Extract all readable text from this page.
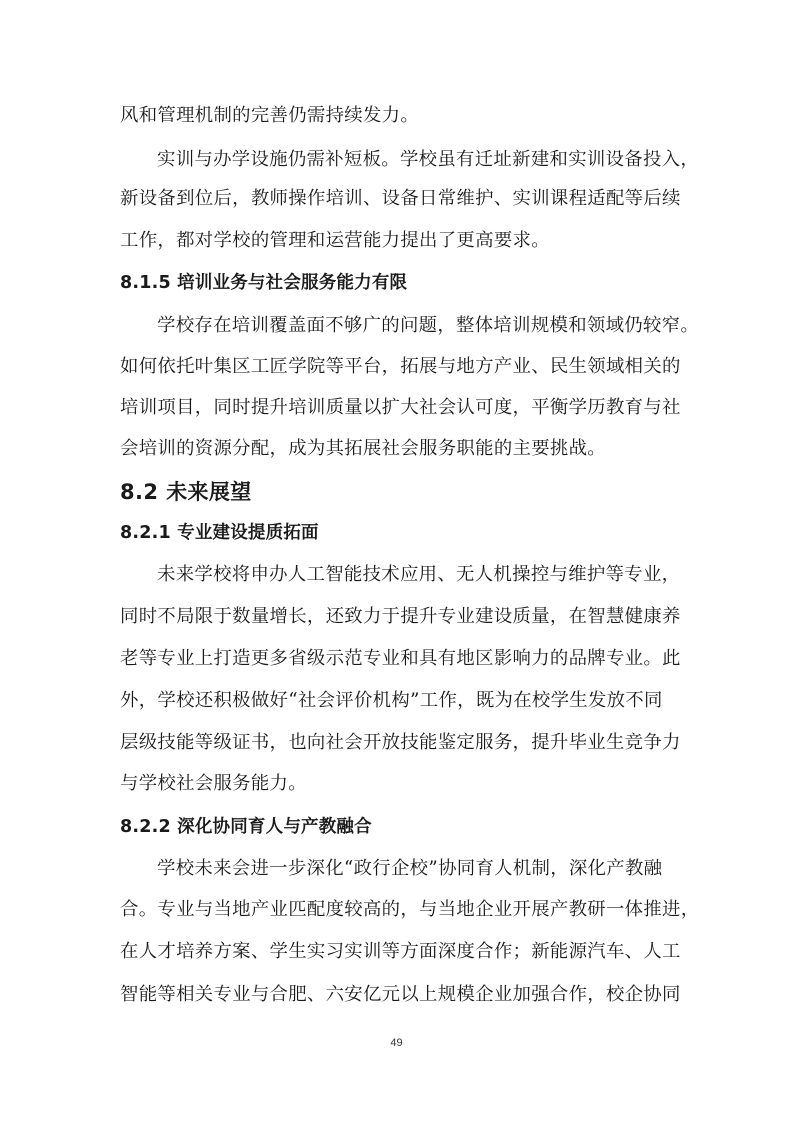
风和管理机制的完善仍需持续发力。
实训与办学设施仍需补短板。学校虽有迁址新建和实训设备投入，
新设备到位后，教师操作培训、设备日常维护、实训课程适配等后续
工作，都对学校的管理和运营能力提出了更高要求。
8.1.5 培训业务与社会服务能力有限
学校存在培训覆盖面不够广的问题，整体培训规模和领域仍较窄。
如何依托叶集区工匠学院等平台，拓展与地方产业、民生领域相关的
培训项目，同时提升培训质量以扩大社会认可度，平衡学历教育与社
会培训的资源分配，成为其拓展社会服务职能的主要挑战。
8.2 未来展望
8.2.1 专业建设提质拓面
未来学校将申办人工智能技术应用、无人机操控与维护等专业，
同时不局限于数量增长，还致力于提升专业建设质量，在智慧健康养
老等专业上打造更多省级示范专业和具有地区影响力的品牌专业。此
外，学校还积极做好“社会评价机构”工作，既为在校学生发放不同
层级技能等级证书，也向社会开放技能鉴定服务，提升毕业生竞争力
与学校社会服务能力。
8.2.2 深化协同育人与产教融合
学校未来会进一步深化“政行企校”协同育人机制，深化产教融
合。专业与当地产业匹配度较高的，与当地企业开展产教研一体推进，
在人才培养方案、学生实习实训等方面深度合作；新能源汽车、人工
智能等相关专业与合肥、六安亿元以上规模企业加强合作，校企协同
49
